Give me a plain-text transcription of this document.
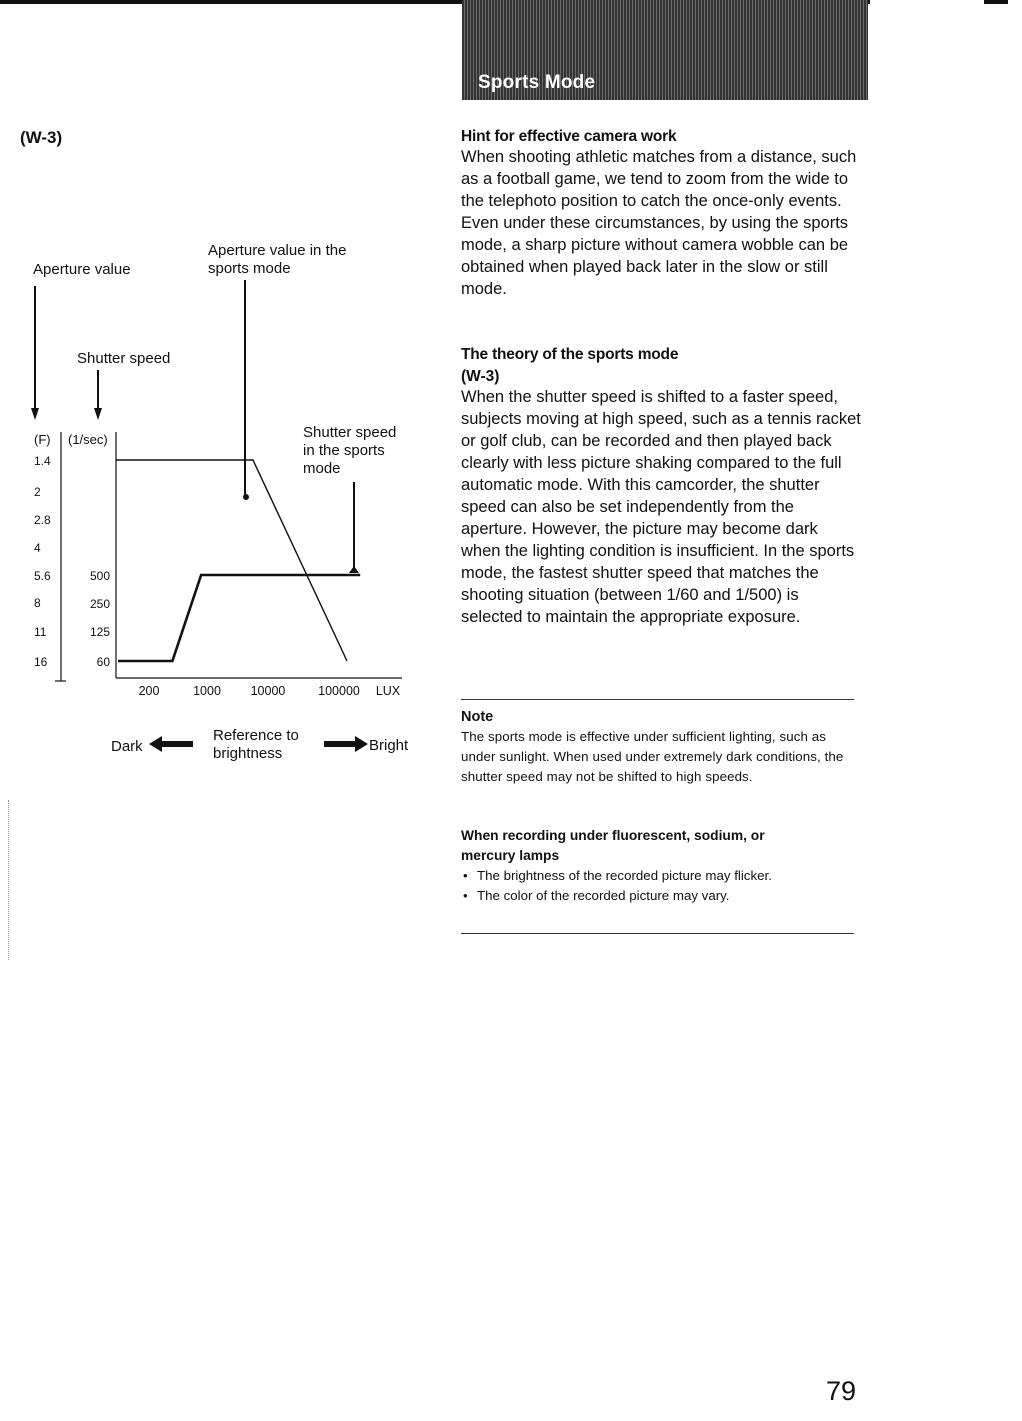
Sports Mode
(W-3)
Aperture value
Aperture value in the
sports mode
Shutter speed
Shutter speed
in the sports
mode
(F) (1/sec)
1.4
2
2.8
4
5.6
8
11
16
500
250
125
60
200	1000 10000	100000 LUX
Dark
Reference to
brightness	Bright

Hint for effective camera work

When shooting athletic matches from a distance, such as a football game, we tend to zoom from the wide to the telephoto position to catch the once-only events. Even under these circumstances, by using the sports mode, a sharp picture without camera wobble can be obtained when played back later in the slow or still mode.

The theory of the sports mode

(W-3)

When the shutter speed is shifted to a faster speed, subjects moving at high speed, such as a tennis racket or golf club, can be recorded and then played back clearly with less picture shaking compared to the full automatic mode. With this camcorder, the shutter speed can also be set independently from the aperture. However, the picture may become dark when the lighting condition is insufficient. In the sports mode, the fastest shutter speed that matches the shooting situation (between 1/60 and 1/500) is selected to maintain the appropriate exposure.

Note

The sports mode is effective under sufficient lighting, such as under sunlight. When used under extremely dark conditions, the shutter speed may not be shifted to high speeds.

When recording under fluorescent, sodium, or

mercury lamps

• The brightness of the recorded picture may flicker.
• The color of the recorded picture may vary.
79
